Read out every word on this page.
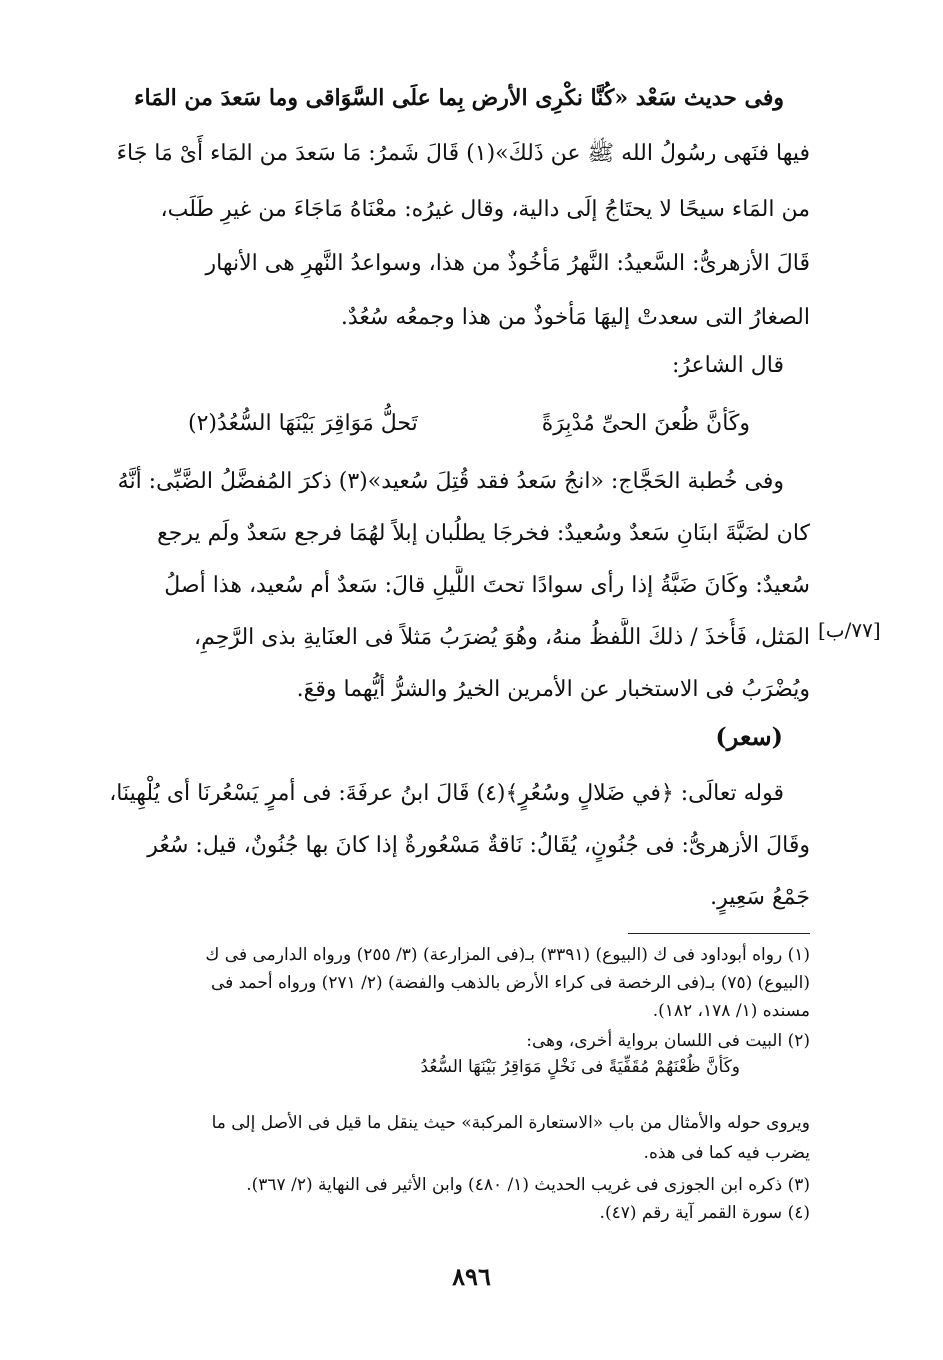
وفى حديث سَعْد «كُنَّا نكْرِى الأرض بِما علَى السَّوَاقى وما سَعدَ من المَاء
فيها فنَهى رسُولُ الله ﷺ عن ذَلكَ»(١) قَالَ شَمرُ: مَا سَعدَ من المَاء أَىْ مَا جَاءَ
من المَاء سيحًا لا يحتَاجُ إلَى دالية، وقال غيرُه: معْنَاهُ مَاجَاءَ من غيرِ طَلَب،
قَالَ الأزهرىُّ: السَّعيدُ: النَّهرُ مَأخُوذٌ من هذا، وسواعدُ النَّهرِ هى الأنهار
الصغارُ التى سعدتْ إليهَا مَأخوذٌ من هذا وجمعُه سُعُدٌ.
قال الشاعرُ:
وكَأنَّ ظُعنَ الحىِّ مُدْبِرَةً
تَحلُّ مَوَاقِرَ بَيْنَهَا السُّعُدُ(٢)
وفى خُطبة الحَجَّاج: «انجُ سَعدُ فقد قُتِلَ سُعيد»(٣) ذكرَ المُفضَّلُ الضَّبِّى: أنَّهُ
كان لضَبَّةَ ابنَانِ سَعدٌ وسُعيدٌ: فخرجَا يطلُبان إبلاً لهُمَا فرجع سَعدٌ ولَم يرجع
سُعيدٌ: وكَانَ ضَبَّةُ إذا رأى سوادًا تحتَ اللَّيلِ قالَ: سَعدٌ أم سُعيد، هذا أصلُ
المَثل، فَأُخذَ / ذلكَ اللَّفظُ منهُ، وهُوَ يُضرَبُ مَثلاً فى العنَايةِ بذى الرَّحِمِ،
ويُضْرَبُ فى الاستخبار عن الأمرين الخيرُ والشرُّ أيُّهما وقعَ.
[٧٧/ب]
(سعر)
قوله تعالَى: ﴿في ضَلالٍ وسُعُرٍ﴾(٤) قَالَ ابنُ عرفَةَ: فى أمرٍ يَسْعُرنَا أى يُلْهِينَا،
وقَالَ الأزهرىُّ: فى جُنُونٍ، يُقَالُ: نَاقةٌ مَسْعُورةٌ إذا كانَ بها جُنُونٌ، قيل: سُعُر
جَمْعُ سَعِيرٍ.
(١) رواه أبوداود فى ك (البيوع) (٣٣٩١) بـ(فى المزارعة) (٣/ ٢٥٥) ورواه الدارمى فى ك
(البيوع) (٧٥) بـ(فى الرخصة فى كراء الأرض بالذهب والفضة) (٢/ ٢٧١) ورواه أحمد فى
مسنده (١/ ١٧٨، ١٨٢).
(٢) البيت فى اللسان برواية أخرى، وهى:
وكَأنَّ ظُعْنَهُمْ مُقَفِّيَةً فى نَخْلٍ مَوَاقِرُ بَيْنَهَا السُّعُدُ
ويروى حوله والأمثال من باب «الاستعارة المركبة» حيث ينقل ما قيل فى الأصل إلى ما
يضرب فيه كما فى هذه.
(٣) ذكره ابن الجوزى فى غريب الحديث (١/ ٤٨٠) وابن الأثير فى النهاية (٢/ ٣٦٧).
(٤) سورة القمر آية رقم (٤٧).
٨٩٦
